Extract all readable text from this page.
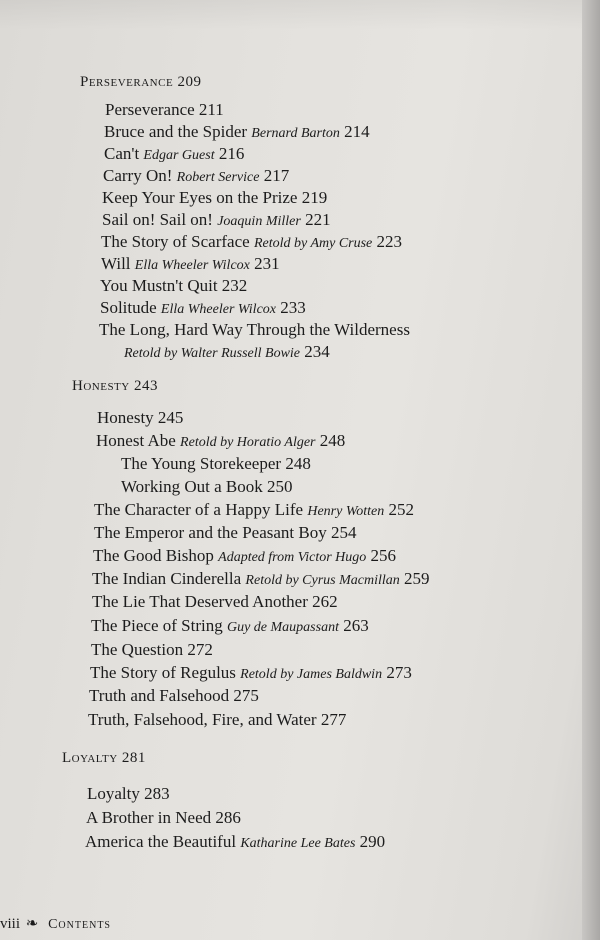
Perseverance 209
Perseverance 211
Bruce and the Spider Bernard Barton 214
Can't Edgar Guest 216
Carry On! Robert Service 217
Keep Your Eyes on the Prize 219
Sail on! Sail on! Joaquin Miller 221
The Story of Scarface Retold by Amy Cruse 223
Will Ella Wheeler Wilcox 231
You Mustn't Quit 232
Solitude Ella Wheeler Wilcox 233
The Long, Hard Way Through the Wilderness
Retold by Walter Russell Bowie 234
Honesty 243
Honesty 245
Honest Abe Retold by Horatio Alger 248
The Young Storekeeper 248
Working Out a Book 250
The Character of a Happy Life Henry Wotten 252
The Emperor and the Peasant Boy 254
The Good Bishop Adapted from Victor Hugo 256
The Indian Cinderella Retold by Cyrus Macmillan 259
The Lie That Deserved Another 262
The Piece of String Guy de Maupassant 263
The Question 272
The Story of Regulus Retold by James Baldwin 273
Truth and Falsehood 275
Truth, Falsehood, Fire, and Water 277
Loyalty 281
Loyalty 283
A Brother in Need 286
America the Beautiful Katharine Lee Bates 290
viii ❧ Contents
